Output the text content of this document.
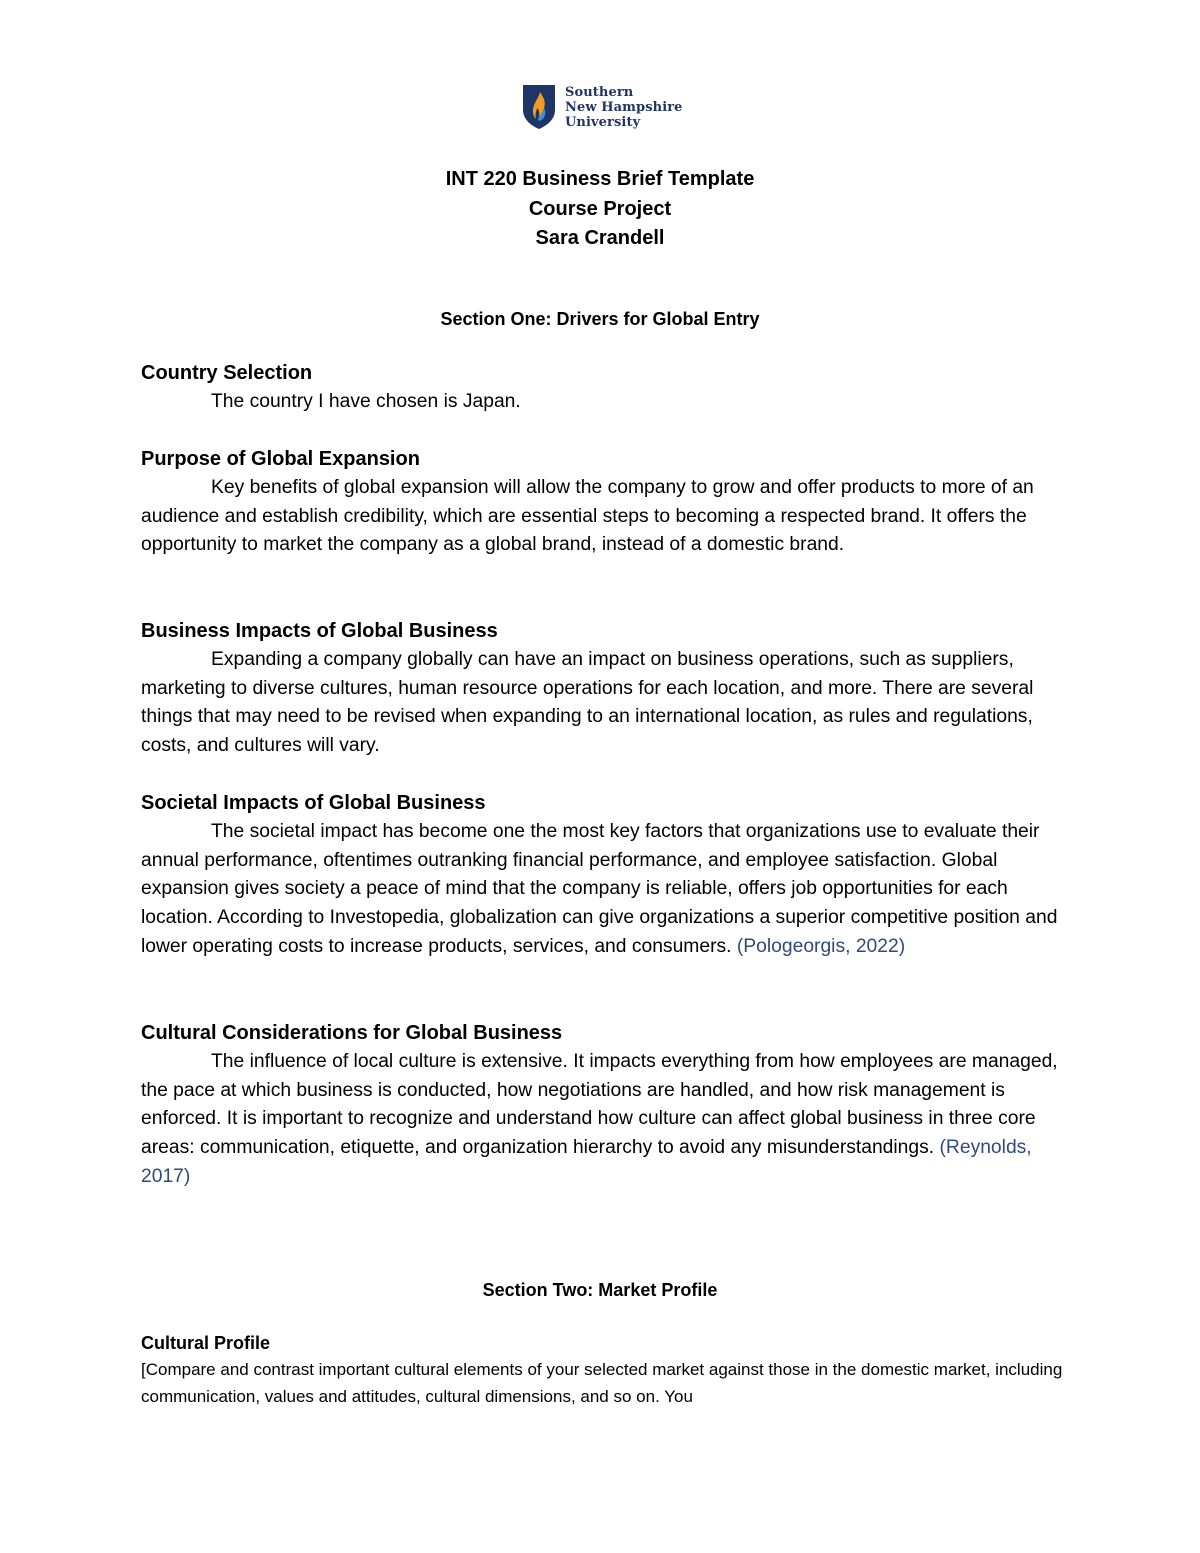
Southern
New Hampshire
University
INT 220 Business Brief Template
Course Project
Sara Crandell
Section One: Drivers for Global Entry
Country Selection
The country I have chosen is Japan.
Purpose of Global Expansion
Key benefits of global expansion will allow the company to grow and offer products to more of an audience and establish credibility, which are essential steps to becoming a respected brand. It offers the opportunity to market the company as a global brand, instead of a domestic brand.
Business Impacts of Global Business
Expanding a company globally can have an impact on business operations, such as suppliers, marketing to diverse cultures, human resource operations for each location, and more. There are several things that may need to be revised when expanding to an international location, as rules and regulations, costs, and cultures will vary.
Societal Impacts of Global Business
The societal impact has become one the most key factors that organizations use to evaluate their annual performance, oftentimes outranking financial performance, and employee satisfaction. Global expansion gives society a peace of mind that the company is reliable, offers job opportunities for each location. According to Investopedia, globalization can give organizations a superior competitive position and lower operating costs to increase products, services, and consumers. (Pologeorgis, 2022)
Cultural Considerations for Global Business
The influence of local culture is extensive. It impacts everything from how employees are managed, the pace at which business is conducted, how negotiations are handled, and how risk management is enforced. It is important to recognize and understand how culture can affect global business in three core areas: communication, etiquette, and organization hierarchy to avoid any misunderstandings. (Reynolds, 2017)
Section Two: Market Profile
Cultural Profile
[Compare and contrast important cultural elements of your selected market against those in the domestic market, including communication, values and attitudes, cultural dimensions, and so on. You
